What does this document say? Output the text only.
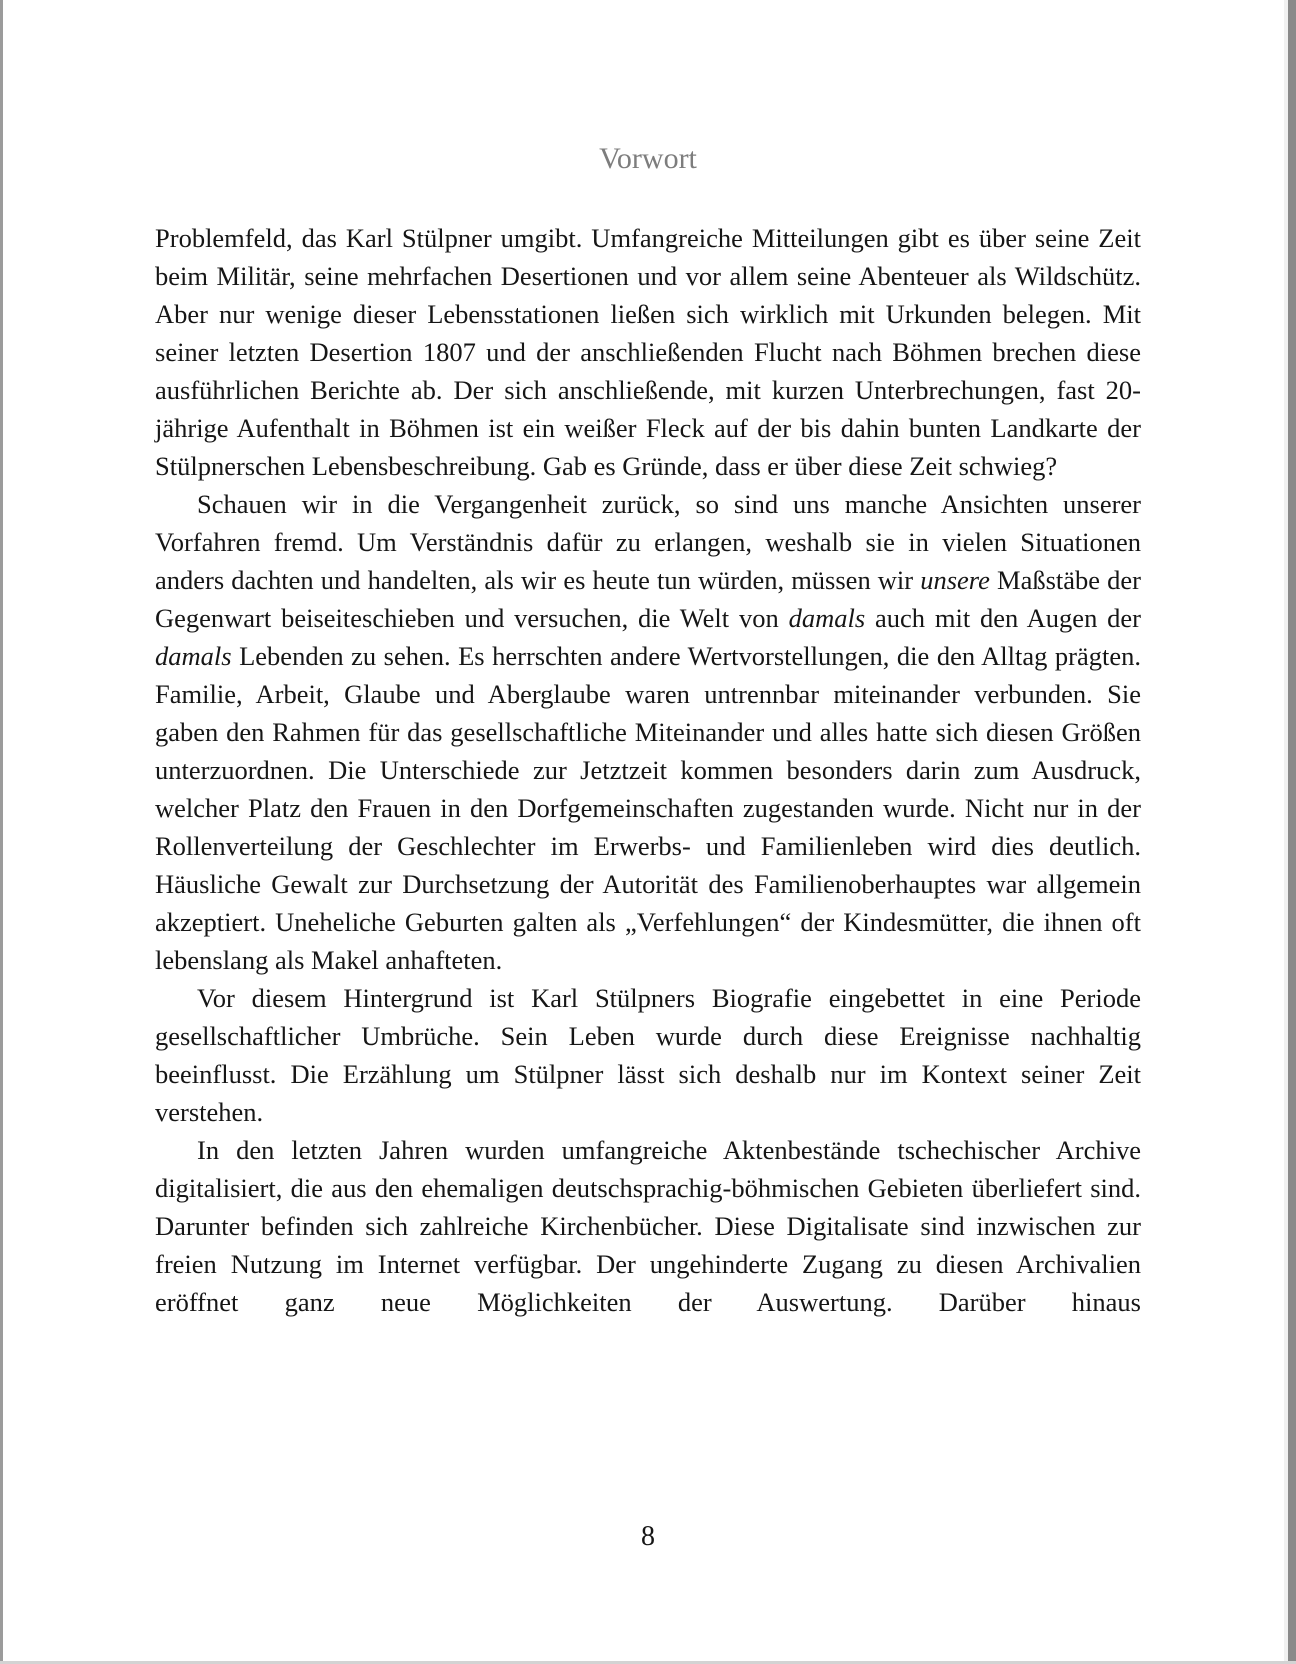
Vorwort

Problemfeld, das Karl Stülpner umgibt. Umfangreiche Mitteilungen gibt es über seine Zeit beim Militär, seine mehrfachen Desertionen und vor allem seine Abenteuer als Wildschütz. Aber nur wenige dieser Lebensstationen ließen sich wirklich mit Urkunden belegen. Mit seiner letzten Desertion 1807 und der anschließenden Flucht nach Böhmen brechen diese ausführlichen Berichte ab. Der sich anschließende, mit kurzen Unterbrechungen, fast 20-jährige Aufenthalt in Böhmen ist ein weißer Fleck auf der bis dahin bunten Landkarte der Stülpnerschen Lebensbeschreibung. Gab es Gründe, dass er über diese Zeit schwieg?

Schauen wir in die Vergangenheit zurück, so sind uns manche Ansichten unserer Vorfahren fremd. Um Verständnis dafür zu erlangen, weshalb sie in vielen Situationen anders dachten und handelten, als wir es heute tun würden, müssen wir unsere Maßstäbe der Gegenwart beiseiteschieben und versuchen, die Welt von damals auch mit den Augen der damals Lebenden zu sehen. Es herrschten andere Wertvorstellungen, die den Alltag prägten. Familie, Arbeit, Glaube und Aberglaube waren untrennbar miteinander verbunden. Sie gaben den Rahmen für das gesellschaftliche Miteinander und alles hatte sich diesen Größen unterzuordnen. Die Unterschiede zur Jetztzeit kommen besonders darin zum Ausdruck, welcher Platz den Frauen in den Dorfgemeinschaften zugestanden wurde. Nicht nur in der Rollenverteilung der Geschlechter im Erwerbs- und Familienleben wird dies deutlich. Häusliche Gewalt zur Durchsetzung der Autorität des Familienoberhauptes war allgemein akzeptiert. Uneheliche Geburten galten als „Verfehlungen“ der Kindesmütter, die ihnen oft lebenslang als Makel anhafteten.

Vor diesem Hintergrund ist Karl Stülpners Biografie eingebettet in eine Periode gesellschaftlicher Umbrüche. Sein Leben wurde durch diese Ereignisse nachhaltig beeinflusst. Die Erzählung um Stülpner lässt sich deshalb nur im Kontext seiner Zeit verstehen.

In den letzten Jahren wurden umfangreiche Aktenbestände tschechischer Archive digitalisiert, die aus den ehemaligen deutschsprachig-böhmischen Gebieten überliefert sind. Darunter befinden sich zahlreiche Kirchenbücher. Diese Digitalisate sind inzwischen zur freien Nutzung im Internet verfügbar. Der ungehinderte Zugang zu diesen Archivalien eröffnet ganz neue Möglichkeiten der Auswertung. Darüber hinaus

8
